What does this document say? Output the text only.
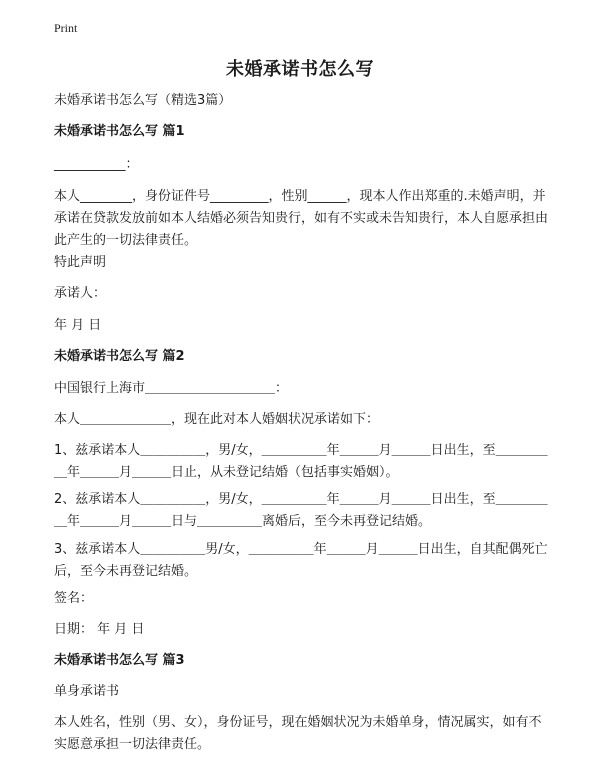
Print
未婚承诺书怎么写
未婚承诺书怎么写（精选3篇）
未婚承诺书怎么写 篇1
___________：
本人________，身份证件号_________，性别______，现本人作出郑重的.未婚声明，并承诺在贷款发放前如本人结婚必须告知贵行，如有不实或未告知贵行，本人自愿承担由此产生的一切法律责任。
特此声明
承诺人：
年 月 日
未婚承诺书怎么写 篇2
中国银行上海市＿＿＿＿＿＿＿＿＿＿：
本人＿＿＿＿＿＿＿，现在此对本人婚姻状况承诺如下：
1、兹承诺本人＿＿＿＿＿，男/女，＿＿＿＿＿年＿＿＿月＿＿＿日出生，至＿＿＿＿＿年＿＿＿月＿＿＿日止，从未登记结婚（包括事实婚姻）。
2、兹承诺本人＿＿＿＿＿，男/女，＿＿＿＿＿年＿＿＿月＿＿＿日出生，至＿＿＿＿＿年＿＿＿月＿＿＿日与＿＿＿＿＿离婚后，至今未再登记结婚。
3、兹承诺本人＿＿＿＿＿男/女，＿＿＿＿＿年＿＿＿月＿＿＿日出生，自其配偶死亡后，至今未再登记结婚。
签名：
日期： 年 月 日
未婚承诺书怎么写 篇3
单身承诺书
本人姓名，性别（男、女），身份证号，现在婚姻状况为未婚单身，情况属实，如有不实愿意承担一切法律责任。
